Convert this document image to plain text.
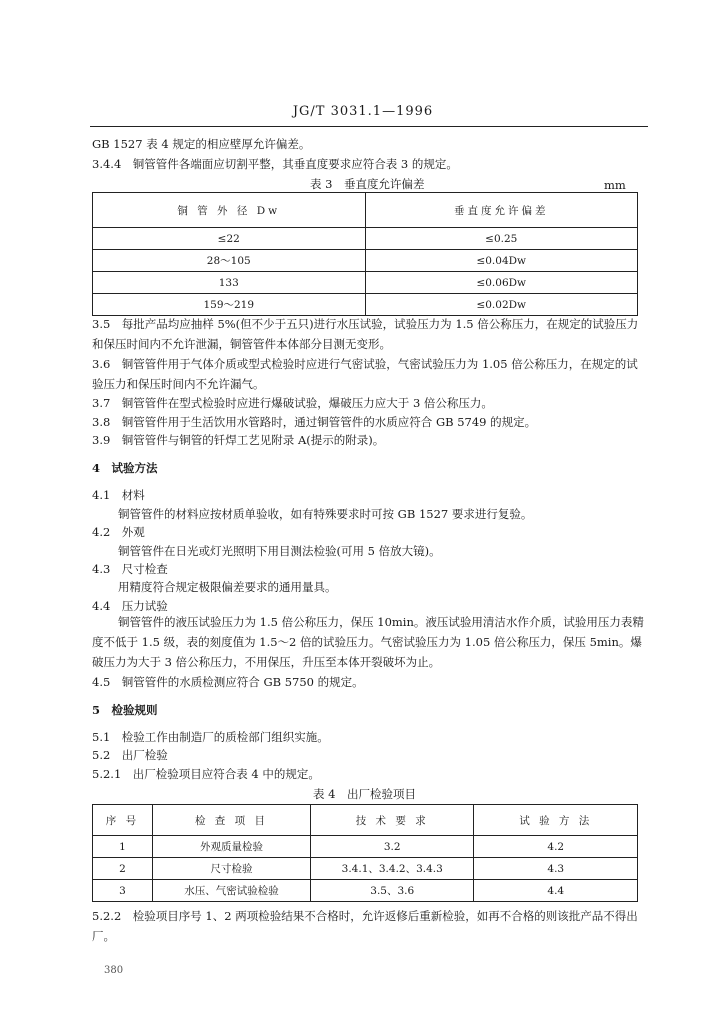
JG/T 3031.1—1996
GB 1527 表 4 规定的相应壁厚允许偏差。
3.4.4　铜管管件各端面应切割平整，其垂直度要求应符合表 3 的规定。
表 3　垂直度允许偏差	mm
铜 管 外 径 Dw	垂直度允许偏差
≤22	≤0.25
28～105	≤0.04Dw
133	≤0.06Dw
159～219	≤0.02Dw
3.5　每批产品均应抽样 5%(但不少于五只)进行水压试验，试验压力为 1.5 倍公称压力，在规定的试验压力和保压时间内不允许泄漏，铜管管件本体部分目测无变形。
3.6　铜管管件用于气体介质或型式检验时应进行气密试验，气密试验压力为 1.05 倍公称压力，在规定的试验压力和保压时间内不允许漏气。
3.7　铜管管件在型式检验时应进行爆破试验，爆破压力应大于 3 倍公称压力。
3.8　铜管管件用于生活饮用水管路时，通过铜管管件的水质应符合 GB 5749 的规定。
3.9　铜管管件与铜管的钎焊工艺见附录 A(提示的附录)。
4　试验方法
4.1　材料
铜管管件的材料应按材质单验收，如有特殊要求时可按 GB 1527 要求进行复验。
4.2　外观
铜管管件在日光或灯光照明下用目测法检验(可用 5 倍放大镜)。
4.3　尺寸检查
用精度符合规定极限偏差要求的通用量具。
4.4　压力试验
铜管管件的液压试验压力为 1.5 倍公称压力，保压 10min。液压试验用清洁水作介质，试验用压力表精度不低于 1.5 级，表的刻度值为 1.5～2 倍的试验压力。气密试验压力为 1.05 倍公称压力，保压 5min。爆破压力为大于 3 倍公称压力，不用保压，升压至本体开裂破坏为止。
4.5　铜管管件的水质检测应符合 GB 5750 的规定。
5　检验规则
5.1　检验工作由制造厂的质检部门组织实施。
5.2　出厂检验
5.2.1　出厂检验项目应符合表 4 中的规定。
表 4　出厂检验项目
序 号	检 查 项 目	技 术 要 求	试 验 方 法
1	外观质量检验	3.2	4.2
2	尺寸检验	3.4.1、3.4.2、3.4.3	4.3
3	水压、气密试验检验	3.5、3.6	4.4
5.2.2　检验项目序号 1、2 两项检验结果不合格时，允许返修后重新检验，如再不合格的则该批产品不得出厂。
380
